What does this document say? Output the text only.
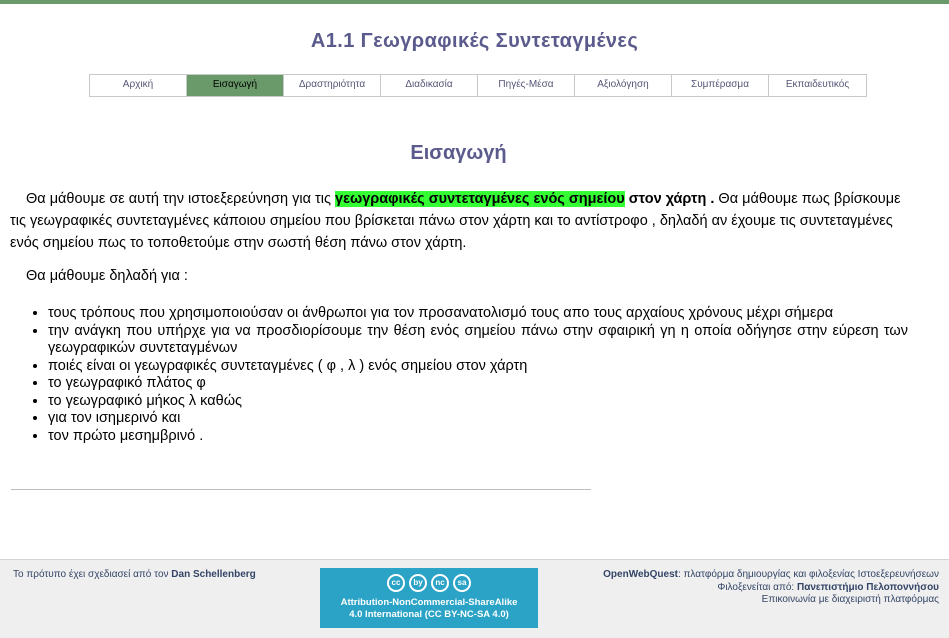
Α1.1 Γεωγραφικές Συντεταγμένες
Αρχική	Εισαγωγή	Δραστηριότητα	Διαδικασία	Πηγές-Μέσα	Αξιολόγηση	Συμπέρασμα	Εκπαιδευτικός
Εισαγωγή

Θα μάθουμε σε αυτή την ιστοεξερεύνηση για τις γεωγραφικές συντεταγμένες ενός σημείου στον χάρτη . Θα μάθουμε πως βρίσκουμε τις γεωγραφικές συντεταγμένες κάποιου σημείου που βρίσκεται πάνω στον χάρτη και το αντίστροφο , δηλαδή αν έχουμε τις συντεταγμένες ενός σημείου πως το τοποθετούμε στην σωστή θέση πάνω στον χάρτη.

Θα μάθουμε δηλαδή για :

• τους τρόπους που χρησιμοποιούσαν οι άνθρωποι για τον προσανατολισμό τους απο τους αρχαίους χρόνους μέχρι σήμερα
• την ανάγκη που υπήρχε για να προσδιορίσουμε την θέση ενός σημείου πάνω στην σφαιρική γη η οποία οδήγησε στην εύρεση των γεωγραφικών συντεταγμένων
• ποιές είναι οι γεωγραφικές συντεταγμένες ( φ , λ ) ενός σημείου στον χάρτη
• το γεωγραφικό πλάτος φ
• το γεωγραφικό μήκος λ καθώς
• για τον ισημερινό και
• τον πρώτο μεσημβρινό .
Το πρότυπο έχει σχεδιασεί από τον Dan Schellenberg
cc	by	nc	sa
Attribution-NonCommercial-ShareAlike
4.0 International (CC BY-NC-SA 4.0)
OpenWebQuest: πλατφόρμα δημιουργίας και φιλοξενίας Ιστοεξερευνήσεων
Φιλοξενείται από: Πανεπιστήμιο Πελοποννήσου
Επικοινωνία με διαχειριστή πλατφόρμας
